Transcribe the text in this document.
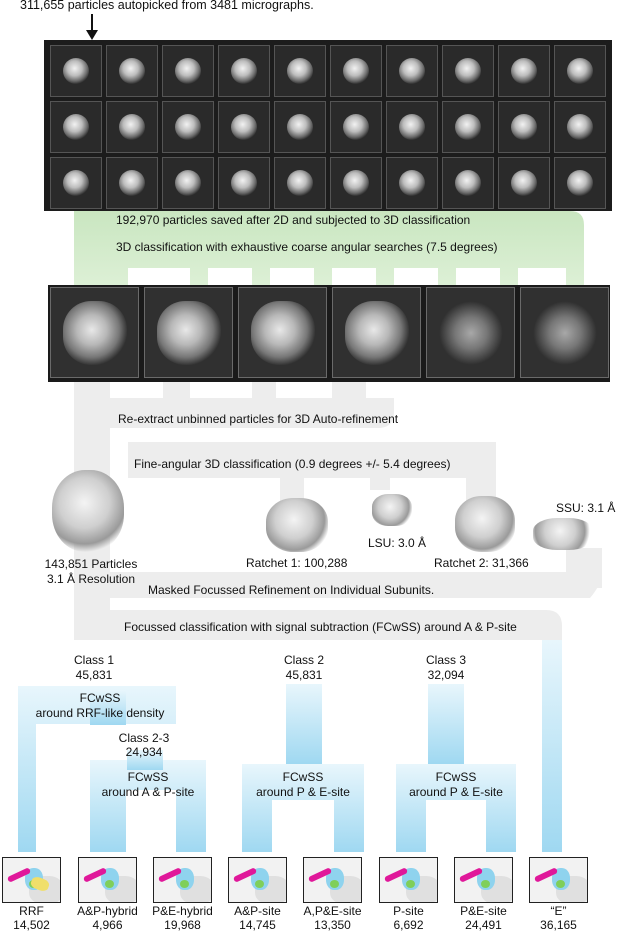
311,655 particles autopicked from 3481 micrographs.
192,970 particles saved after 2D and subjected to 3D classification
3D classification with exhaustive coarse angular searches (7.5 degrees)
Re-extract unbinned particles for 3D Auto-refinement
Fine-angular 3D classification (0.9 degrees +/- 5.4 degrees)
143,851 Particles
3.1 Å Resolution
Ratchet 1: 100,288
LSU: 3.0 Å
Ratchet 2: 31,366
SSU: 3.1 Å
Masked Focussed Refinement on Individual Subunits.
Focussed classification with signal subtraction (FCwSS) around A & P-site
Class 1
45,831
Class 2
45,831
Class 3
32,094
FCwSS
around RRF-like density
Class 2-3
24,934
FCwSS
around A & P-site
FCwSS
around P & E-site
FCwSS
around P & E-site
RRF
14,502
A&P-hybrid
4,966
P&E-hybrid
19,968
A&P-site
14,745
A,P&E-site
13,350
P-site
6,692
P&E-site
24,491
“E”
36,165
